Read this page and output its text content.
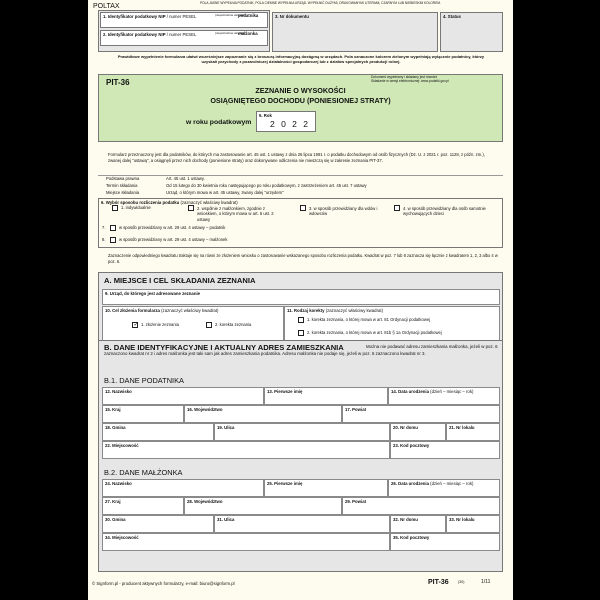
POLTAX	POLA JASNE WYPEŁNIA PODATNIK, POLA CIEMNE WYPEŁNIA URZĄD. WYPEŁNIĆ DUŻYMI, DRUKOWANYMI LITERAMI, CZARNYM LUB NIEBIESKIM KOLOREM.
1. Identyfikator podatkowy NIP / numer PESEL	(niepotrzebne skreślić)
podatnika
2. Identyfikator podatkowy NIP / numer PESEL	(niepotrzebne skreślić)
małżonka
3. Nr dokumentu	4. Status
Prawidłowe wypełnienie formularza ułatwi wcześniejsze zapoznanie się z broszurą informacyjną dostępną w urzędach. Pola oznaczone kolorem zielonym wypełniają wyłącznie podatnicy, którzy uzyskali przychody z pozarolniczej działalności gospodarczej lub z działów specjalnych produkcji rolnej.
PIT-36
Dokument wypełniany i składany jest również
Składanie w wersji elektronicznej: www.podatki.gov.pl
ZEZNANIE O WYSOKOŚCI
OSIĄGNIĘTEGO DOCHODU (PONIESIONEJ STRATY)
w roku podatkowym
5. Rok
2 0 2 2
Formularz przeznaczony jest dla podatników, do których ma zastosowanie art. 45 ust. 1 ustawy z dnia 26 lipca 1991 r. o podatku dochodowym od osób fizycznych (Dz. U. z 2021 r. poz. 1128, z późn. zm.), zwanej dalej "ustawą", a osiągnęli przez nich dochody (poniesione straty) oraz dokonywane odliczenia nie mieszczą się w zakresie zeznania PIT-37.
Podstawa prawna	Art. 45 ust. 1 ustawy.
Termin składania	Od 15 lutego do 30 kwietnia roku następującego po roku podatkowym, z zastrzeżeniem art. 45 ust. 7 ustawy
Miejsce składania	Urząd, o którym mowa w art. 45 ustawy, zwany dalej "urzędem"
6. Wybór sposobu rozliczenia podatku (zaznaczyć właściwy kwadrat)
1. indywidualnie	2. wspólnie z małżonkiem, zgodnie z wnioskiem, o którym mowa w art. 6 ust. 2 ustawy
3. w sposób przewidziany dla wdów i wdowców
4. w sposób przewidziany dla osób samotnie wychowujących dzieci
7.	w sposób przewidziany w art. 29 ust. 4 ustawy – podatnik
8.	w sposób przewidziany w art. 29 ust. 4 ustawy – małżonek
Zaznaczenie odpowiedniego kwadratu traktuje się na równi ze złożeniem wniosku o zastosowanie wskazanego sposobu rozliczenia podatku. Kwadrat w poz. 7 lub 8 zaznacza się łącznie z kwadratem 1, 2, 3 albo 4 w poz. 6.
A. MIEJSCE I CEL SKŁADANIA ZEZNANIA
9. Urząd, do którego jest adresowane zeznanie
10. Cel złożenia formularza (zaznaczyć właściwy kwadrat)
✓ 1. złożenie zeznania	2. korekta zeznania
11. Rodzaj korekty (zaznaczyć właściwy kwadrat)
1. korekta zeznania, o której mowa w art. 81 Ordynacji podatkowej
2. korekta zeznania, o której mowa w art. 81b § 1a Ordynacji podatkowej
B. DANE IDENTYFIKACYJNE I AKTUALNY ADRES ZAMIESZKANIA	Można nie podawać adresu zamieszkania małżonka, jeżeli w poz. 6 zaznaczono kwadrat nr 2 i adres małżonka jest taki sam jak adres zamieszkania podatnika. Adresu małżonka nie podaje się, jeżeli w poz. 6 zaznaczono kwadrat nr 3.
B.1. DANE PODATNIKA
12. Nazwisko	13. Pierwsze imię	14. Data urodzenia (dzień – miesiąc – rok)
15. Kraj	16. Województwo	17. Powiat
18. Gmina	19. Ulica	20. Nr domu	21. Nr lokalu
22. Miejscowość	23. Kod pocztowy
B.2. DANE MAŁŻONKA
24. Nazwisko	25. Pierwsze imię	26. Data urodzenia (dzień – miesiąc – rok)
27. Kraj	28. Województwo	29. Powiat
30. Gmina	31. Ulica	32. Nr domu	33. Nr lokalu
34. Miejscowość	35. Kod pocztowy
© Signform.pl - producent aktywnych formularzy, e-mail: biuro@signform.pl	PIT-36	(30)	1/11
